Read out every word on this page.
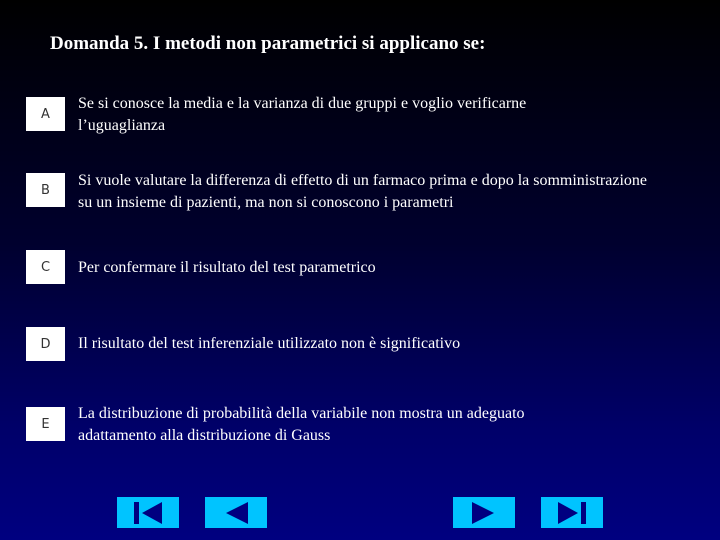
Domanda 5. I metodi non parametrici si applicano se:
A
Se si conosce la media e la varianza di due gruppi e voglio verificarne l’uguaglianza
B
Si vuole valutare la differenza di effetto di un farmaco prima e dopo la somministrazione su un insieme di pazienti, ma non si conoscono i parametri
C Per confermare il risultato del test parametrico
D Il risultato del test inferenziale utilizzato non è significativo
E
La distribuzione di probabilità della variabile non mostra un adeguato adattamento alla distribuzione di Gauss
